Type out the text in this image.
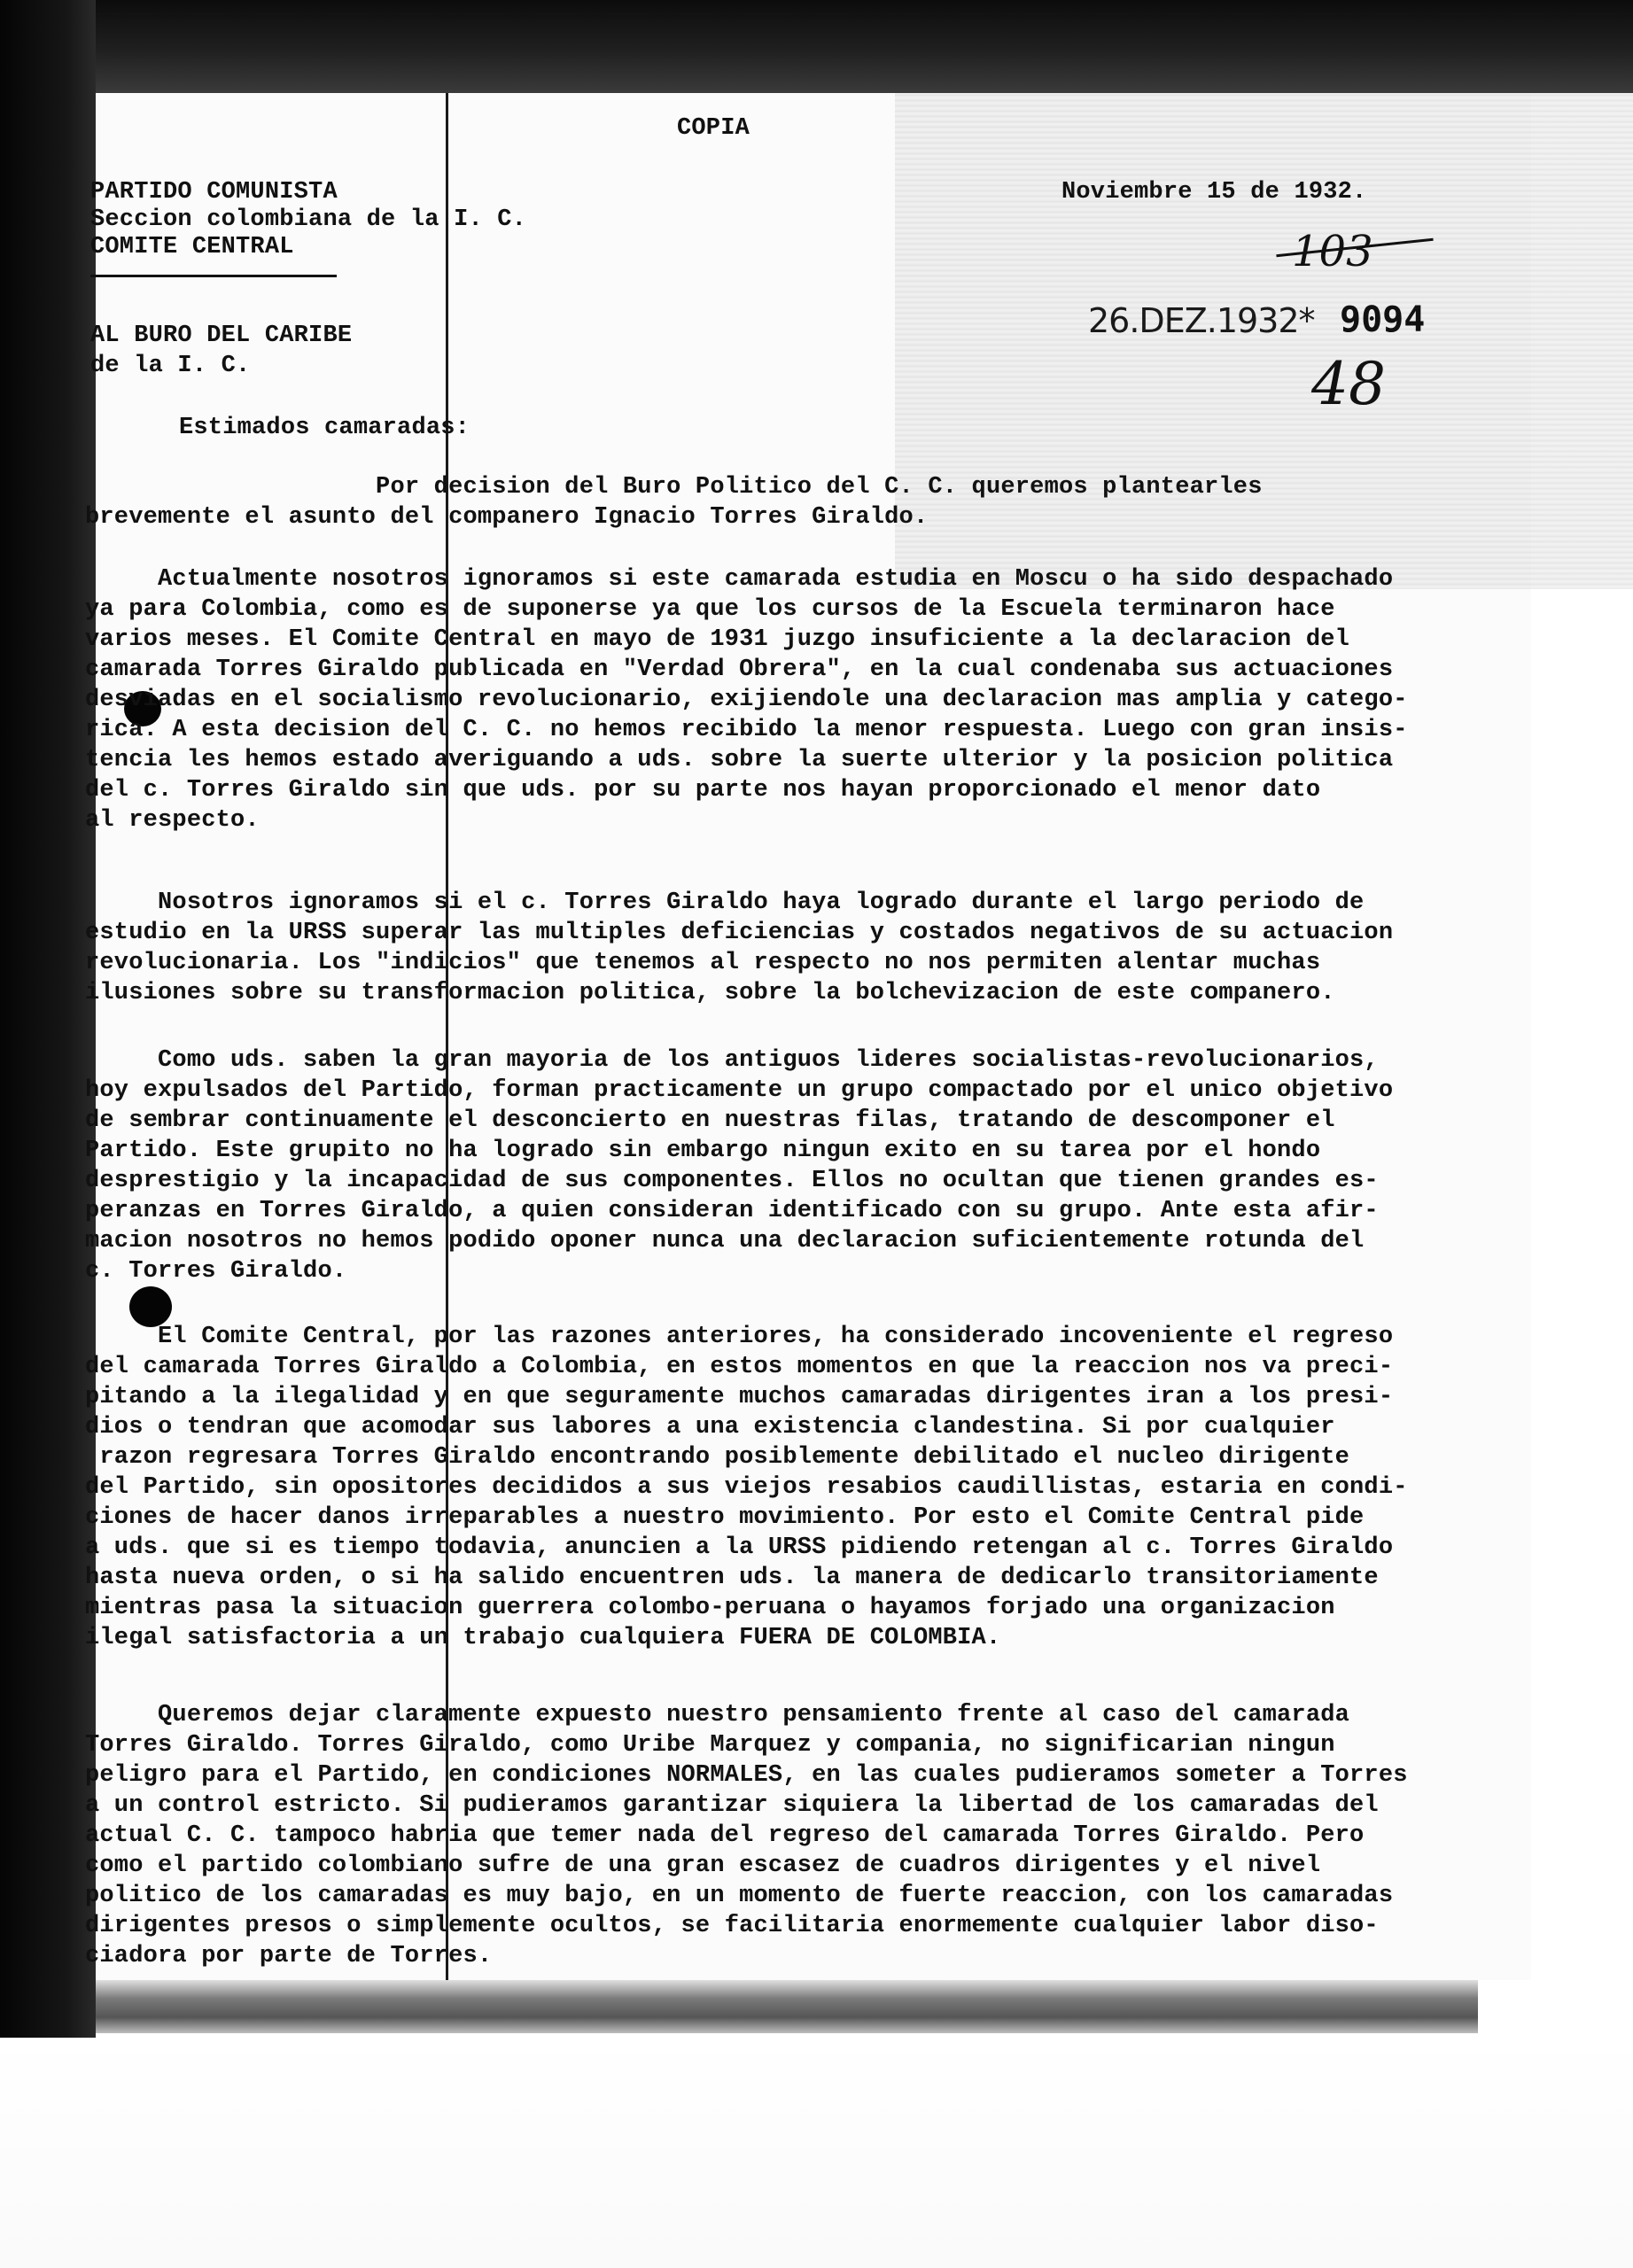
COPIA
PARTIDO COMUNISTA
Seccion colombiana de la I. C.
COMITE CENTRAL
Noviembre 15 de 1932.
103
26.DEZ.1932* 9094
48
AL BURO DEL CARIBE
de la I. C.
Estimados camaradas:
Por decision del Buro Politico del C. C. queremos plantearles
brevemente el asunto del companero Ignacio Torres Giraldo.
Actualmente nosotros ignoramos si este camarada estudia en Moscu o ha sido despachado
ya para Colombia, como es de suponerse ya que los cursos de la Escuela terminaron hace
varios meses. El Comite Central en mayo de 1931 juzgo insuficiente a la declaracion del
camarada Torres Giraldo publicada en "Verdad Obrera", en la cual condenaba sus actuaciones
desviadas en el socialismo revolucionario, exijiendole una declaracion mas amplia y catego-
rica. A esta decision del C. C. no hemos recibido la menor respuesta. Luego con gran insis-
tencia les hemos estado averiguando a uds. sobre la suerte ulterior y la posicion politica
del c. Torres Giraldo sin que uds. por su parte nos hayan proporcionado el menor dato
al respecto.
Nosotros ignoramos si el c. Torres Giraldo haya logrado durante el largo periodo de
estudio en la URSS superar las multiples deficiencias y costados negativos de su actuacion
revolucionaria. Los "indicios" que tenemos al respecto no nos permiten alentar muchas
ilusiones sobre su transformacion politica, sobre la bolchevizacion de este companero.
Como uds. saben la gran mayoria de los antiguos lideres socialistas-revolucionarios,
hoy expulsados del Partido, forman practicamente un grupo compactado por el unico objetivo
de sembrar continuamente el desconcierto en nuestras filas, tratando de descomponer el
Partido. Este grupito no ha logrado sin embargo ningun exito en su tarea por el hondo
desprestigio y la incapacidad de sus componentes. Ellos no ocultan que tienen grandes es-
peranzas en Torres Giraldo, a quien consideran identificado con su grupo. Ante esta afir-
macion nosotros no hemos podido oponer nunca una declaracion suficientemente rotunda del
c. Torres Giraldo.
El Comite Central, por las razones anteriores, ha considerado incoveniente el regreso
del camarada Torres Giraldo a Colombia, en estos momentos en que la reaccion nos va preci-
pitando a la ilegalidad y en que seguramente muchos camaradas dirigentes iran a los presi-
dios o tendran que acomodar sus labores a una existencia clandestina. Si por cualquier
razon regresara Torres Giraldo encontrando posiblemente debilitado el nucleo dirigente
del Partido, sin opositores decididos a sus viejos resabios caudillistas, estaria en condi-
ciones de hacer danos irreparables a nuestro movimiento. Por esto el Comite Central pide
a uds. que si es tiempo todavia, anuncien a la URSS pidiendo retengan al c. Torres Giraldo
hasta nueva orden, o si ha salido encuentren uds. la manera de dedicarlo transitoriamente
mientras pasa la situacion guerrera colombo-peruana o hayamos forjado una organizacion
ilegal satisfactoria a un trabajo cualquiera FUERA DE COLOMBIA.
Queremos dejar claramente expuesto nuestro pensamiento frente al caso del camarada
Torres Giraldo. Torres Giraldo, como Uribe Marquez y compania, no significarian ningun
peligro para el Partido, en condiciones NORMALES, en las cuales pudieramos someter a Torres
a un control estricto. Si pudieramos garantizar siquiera la libertad de los camaradas del
actual C. C. tampoco habria que temer nada del regreso del camarada Torres Giraldo. Pero
como el partido colombiano sufre de una gran escasez de cuadros dirigentes y el nivel
politico de los camaradas es muy bajo, en un momento de fuerte reaccion, con los camaradas
dirigentes presos o simplemente ocultos, se facilitaria enormemente cualquier labor diso-
ciadora por parte de Torres.
